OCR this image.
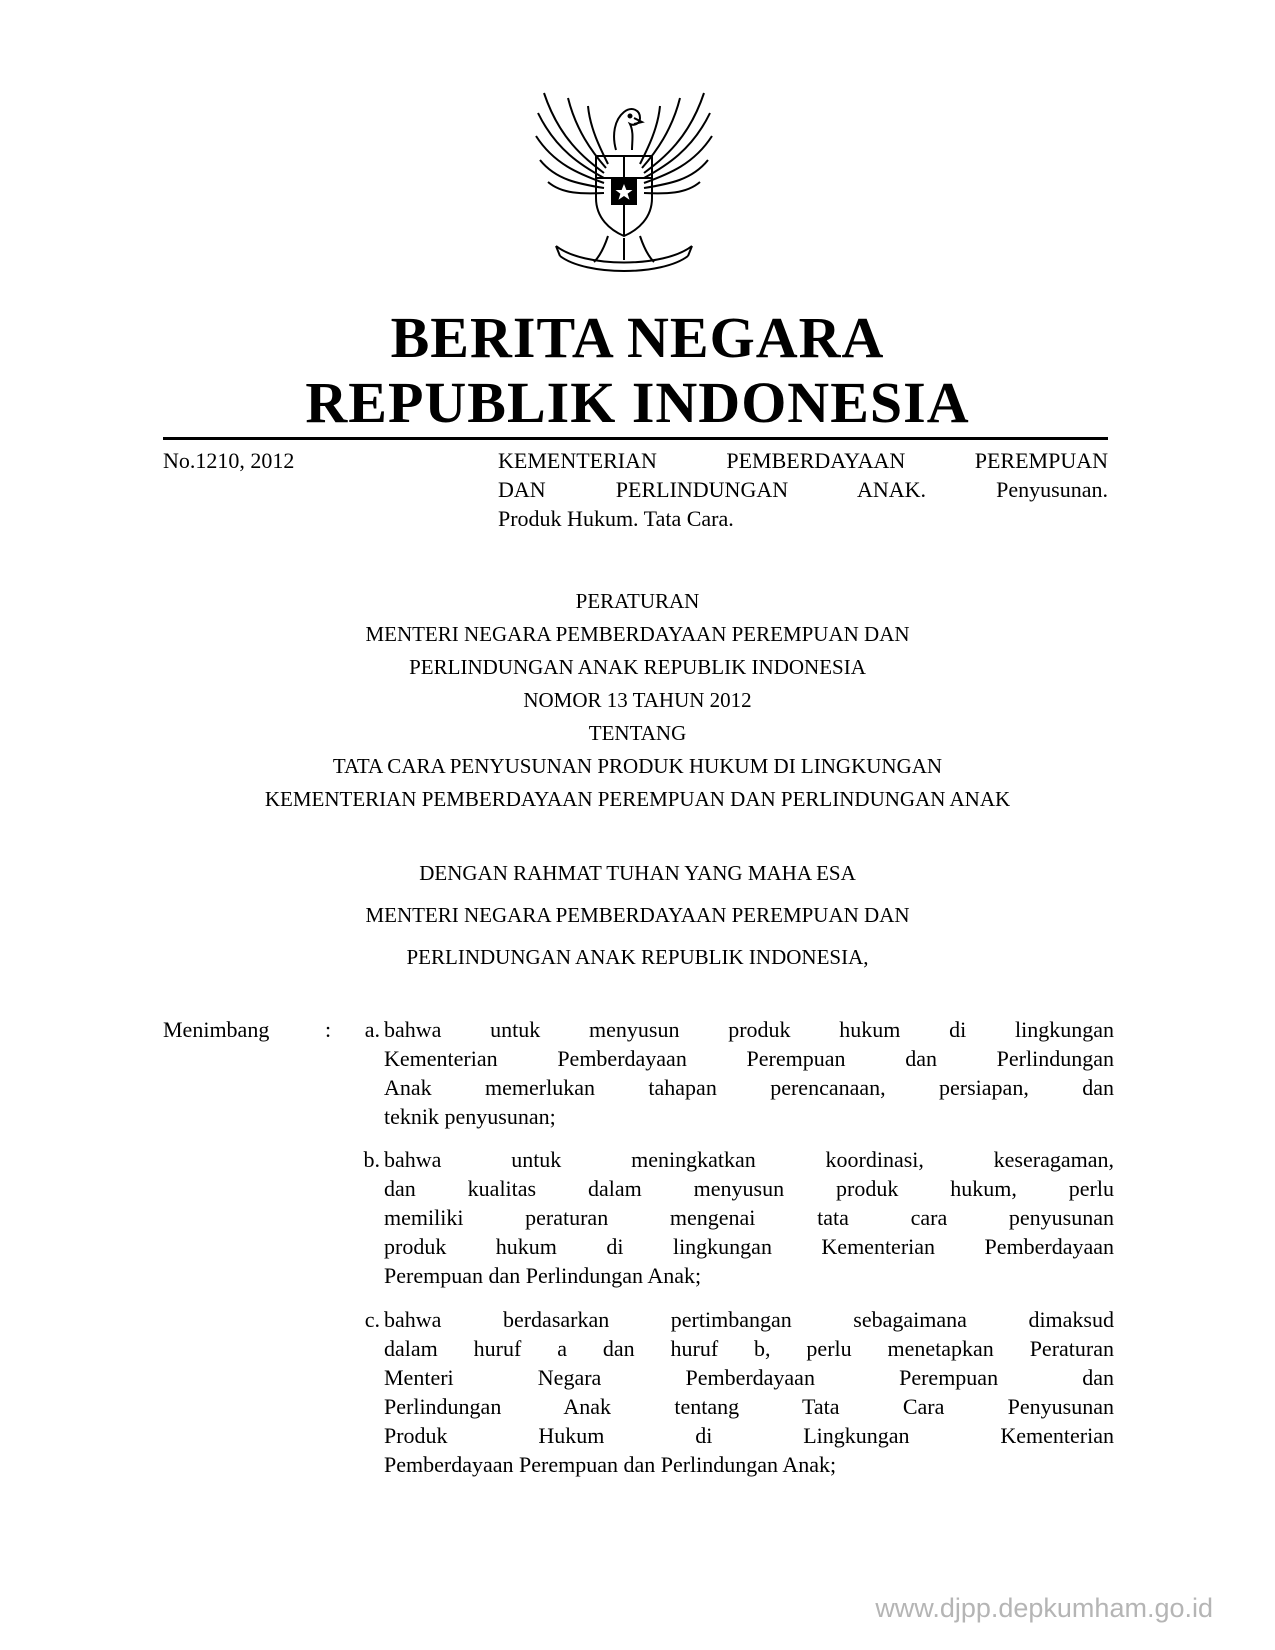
BERITA NEGARA
REPUBLIK INDONESIA
No.1210, 2012	KEMENTERIAN PEMBERDAYAAN PEREMPUAN
DAN PERLINDUNGAN ANAK. Penyusunan.
Produk Hukum. Tata Cara.
PERATURAN
MENTERI NEGARA PEMBERDAYAAN PEREMPUAN DAN
PERLINDUNGAN ANAK REPUBLIK INDONESIA
NOMOR 13 TAHUN 2012
TENTANG
TATA CARA PENYUSUNAN PRODUK HUKUM DI LINGKUNGAN
KEMENTERIAN PEMBERDAYAAN PEREMPUAN DAN PERLINDUNGAN ANAK
DENGAN RAHMAT TUHAN YANG MAHA ESA
MENTERI NEGARA PEMBERDAYAAN PEREMPUAN DAN
PERLINDUNGAN ANAK REPUBLIK INDONESIA,
Menimbang	:	a. bahwa untuk menyusun produk hukum di lingkungan
Kementerian Pemberdayaan Perempuan dan Perlindungan
Anak memerlukan tahapan perencanaan, persiapan, dan
teknik penyusunan;
b. bahwa untuk meningkatkan koordinasi, keseragaman,
dan kualitas dalam menyusun produk hukum, perlu
memiliki peraturan mengenai tata cara penyusunan
produk hukum di lingkungan Kementerian Pemberdayaan
Perempuan dan Perlindungan Anak;
c. bahwa berdasarkan pertimbangan sebagaimana dimaksud
dalam huruf a dan huruf b, perlu menetapkan Peraturan
Menteri Negara Pemberdayaan Perempuan dan
Perlindungan Anak tentang Tata Cara Penyusunan
Produk Hukum di Lingkungan Kementerian
Pemberdayaan Perempuan dan Perlindungan Anak;
www.djpp.depkumham.go.id
